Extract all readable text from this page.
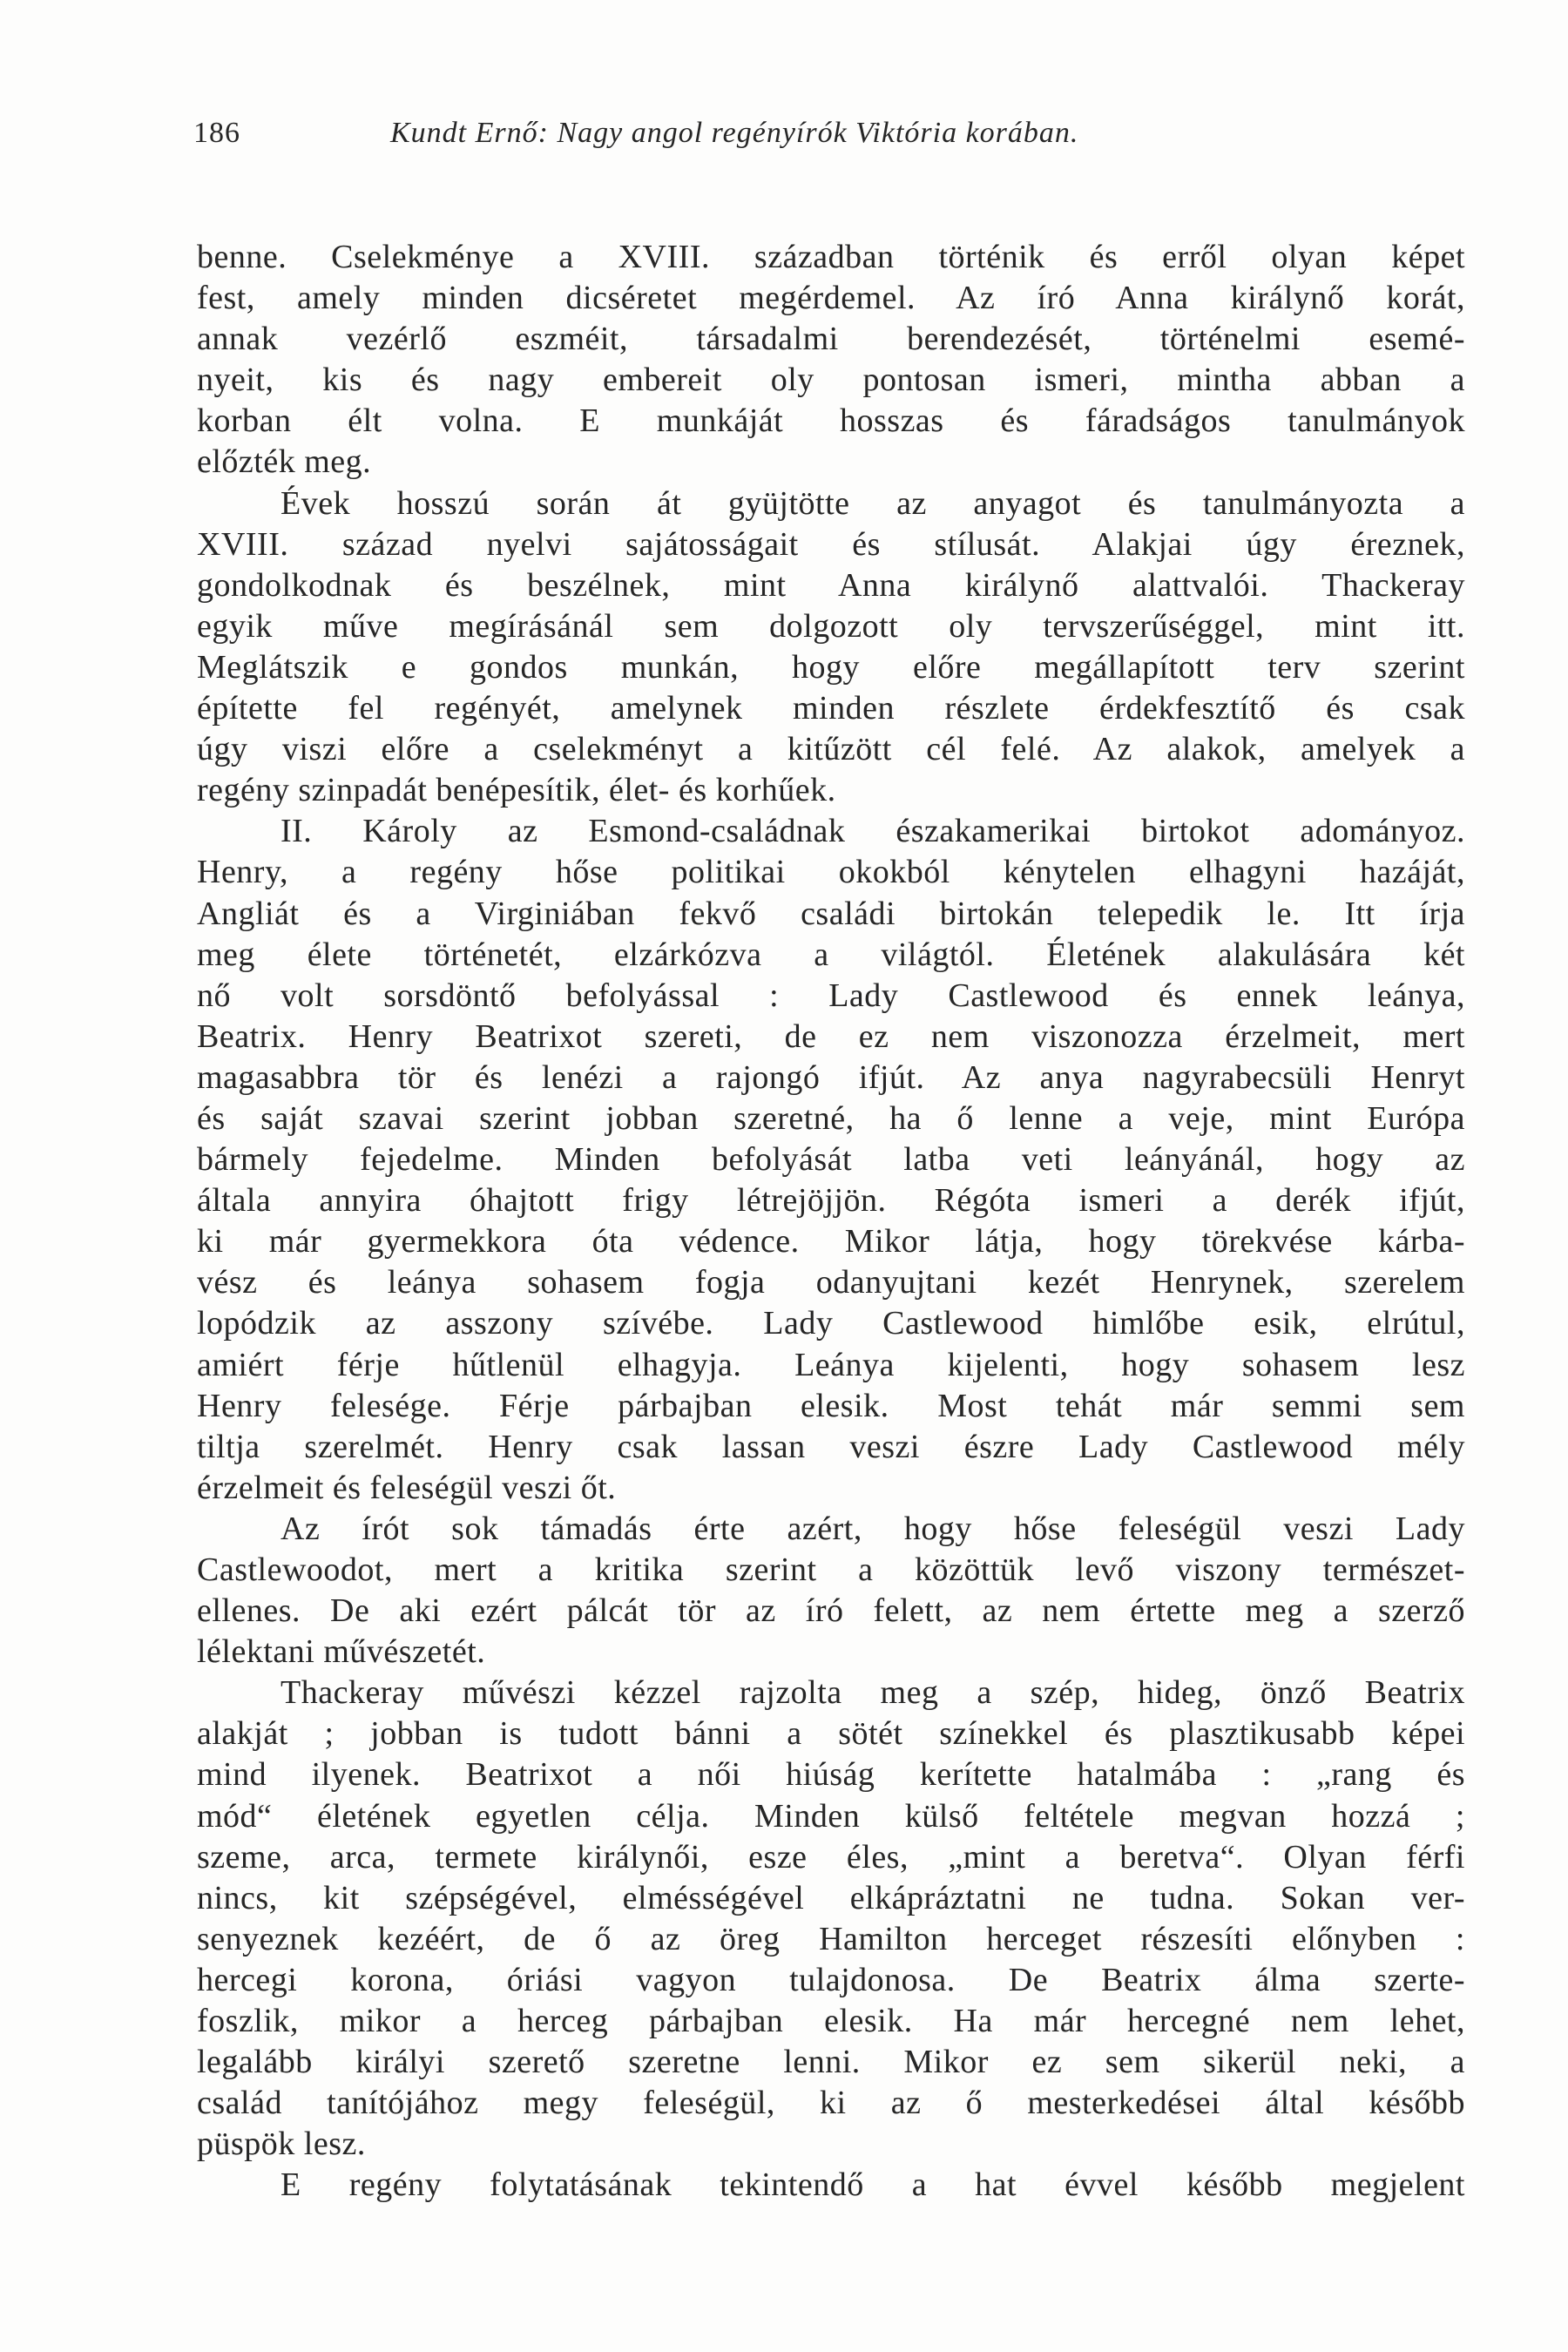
186	Kundt Ernő: Nagy angol regényírók Viktória korában.
benne. Cselekménye a XVIII. században történik és erről olyan képet
fest, amely minden dicséretet megérdemel. Az író Anna királynő korát,
annak vezérlő eszméit, társadalmi berendezését, történelmi esemé-
nyeit, kis és nagy embereit oly pontosan ismeri, mintha abban a
korban élt volna. E munkáját hosszas és fáradságos tanulmányok
előzték meg.
Évek hosszú során át gyüjtötte az anyagot és tanulmányozta a
XVIII. század nyelvi sajátosságait és stílusát. Alakjai úgy éreznek,
gondolkodnak és beszélnek, mint Anna királynő alattvalói. Thackeray
egyik műve megírásánál sem dolgozott oly tervszerűséggel, mint itt.
Meglátszik e gondos munkán, hogy előre megállapított terv szerint
építette fel regényét, amelynek minden részlete érdekfesztítő és csak
úgy viszi előre a cselekményt a kitűzött cél felé. Az alakok, amelyek a
regény szinpadát benépesítik, élet- és korhűek.
II. Károly az Esmond-családnak északamerikai birtokot adományoz.
Henry, a regény hőse politikai okokból kénytelen elhagyni hazáját,
Angliát és a Virginiában fekvő családi birtokán telepedik le. Itt írja
meg élete történetét, elzárkózva a világtól. Életének alakulására két
nő volt sorsdöntő befolyással : Lady Castlewood és ennek leánya,
Beatrix. Henry Beatrixot szereti, de ez nem viszonozza érzelmeit, mert
magasabbra tör és lenézi a rajongó ifjút. Az anya nagyrabecsüli Henryt
és saját szavai szerint jobban szeretné, ha ő lenne a veje, mint Európa
bármely fejedelme. Minden befolyását latba veti leányánál, hogy az
általa annyira óhajtott frigy létrejöjjön. Régóta ismeri a derék ifjút,
ki már gyermekkora óta védence. Mikor látja, hogy törekvése kárba-
vész és leánya sohasem fogja odanyujtani kezét Henrynek, szerelem
lopódzik az asszony szívébe. Lady Castlewood himlőbe esik, elrútul,
amiért férje hűtlenül elhagyja. Leánya kijelenti, hogy sohasem lesz
Henry felesége. Férje párbajban elesik. Most tehát már semmi sem
tiltja szerelmét. Henry csak lassan veszi észre Lady Castlewood mély
érzelmeit és feleségül veszi őt.
Az írót sok támadás érte azért, hogy hőse feleségül veszi Lady
Castlewoodot, mert a kritika szerint a közöttük levő viszony természet-
ellenes. De aki ezért pálcát tör az író felett, az nem értette meg a szerző
lélektani művészetét.
Thackeray művészi kézzel rajzolta meg a szép, hideg, önző Beatrix
alakját ; jobban is tudott bánni a sötét színekkel és plasztikusabb képei
mind ilyenek. Beatrixot a női hiúság kerítette hatalmába : „rang és
mód“ életének egyetlen célja. Minden külső feltétele megvan hozzá ;
szeme, arca, termete királynői, esze éles, „mint a beretva“. Olyan férfi
nincs, kit szépségével, elmésségével elkápráztatni ne tudna. Sokan ver-
senyeznek kezéért, de ő az öreg Hamilton herceget részesíti előnyben :
hercegi korona, óriási vagyon tulajdonosa. De Beatrix álma szerte-
foszlik, mikor a herceg párbajban elesik. Ha már hercegné nem lehet,
legalább királyi szerető szeretne lenni. Mikor ez sem sikerül neki, a
család tanítójához megy feleségül, ki az ő mesterkedései által később
püspök lesz.
E regény folytatásának tekintendő a hat évvel később megjelent
